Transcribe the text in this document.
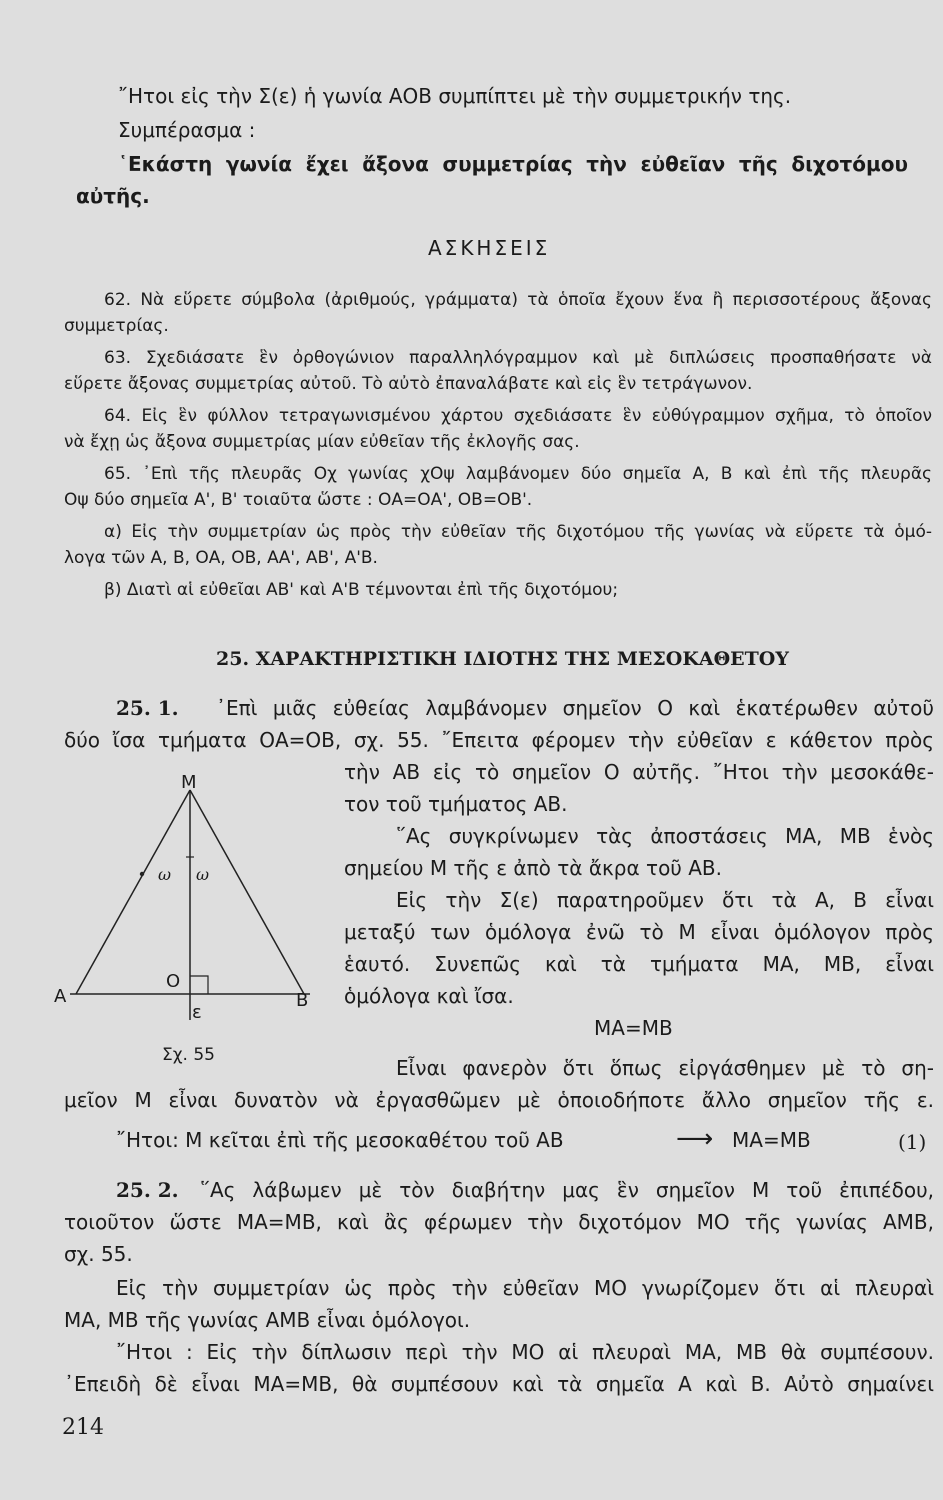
῎Ητοι εἰς τὴν Σ(ε) ἡ γωνία ΑΟΒ συμπίπτει μὲ τὴν συμμετρικήν της.
Συμπέρασμα :
῾Εκάστη γωνία ἔχει ἄξονα συμμετρίας τὴν εὐθεῖαν τῆς διχοτόμου
αὐτῆς.
ΑΣΚΗΣΕΙΣ
62. Νὰ εὕρετε σύμβολα (ἀριθμούς, γράμματα) τὰ ὁποῖα ἔχουν ἕνα ἢ περισσοτέρους ἄξονας
συμμετρίας.
63. Σχεδιάσατε ἓν ὀρθογώνιον παραλληλόγραμμον καὶ μὲ διπλώσεις προσπαθήσατε νὰ
εὕρετε ἄξονας συμμετρίας αὐτοῦ. Τὸ αὐτὸ ἐπαναλάβατε καὶ εἰς ἓν τετράγωνον.
64. Εἰς ἓν φύλλον τετραγωνισμένου χάρτου σχεδιάσατε ἓν εὐθύγραμμον σχῆμα, τὸ ὁποῖον
νὰ ἔχῃ ὡς ἄξονα συμμετρίας μίαν εὐθεῖαν τῆς ἐκλογῆς σας.
65. ᾿Επὶ τῆς πλευρᾶς Οχ γωνίας χΟψ λαμβάνομεν δύο σημεῖα Α, Β καὶ ἐπὶ τῆς πλευρᾶς
Οψ δύο σημεῖα Α', Β' τοιαῦτα ὥστε : ΟΑ=ΟΑ', ΟΒ=ΟΒ'.
α) Εἰς τὴν συμμετρίαν ὡς πρὸς τὴν εὐθεῖαν τῆς διχοτόμου τῆς γωνίας νὰ εὕρετε τὰ ὁμό-
λογα τῶν Α, Β, ΟΑ, ΟΒ, ΑΑ', ΑΒ', Α'Β.
β) Διατὶ αἱ εὐθεῖαι ΑΒ' καὶ Α'Β τέμνονται ἐπὶ τῆς διχοτόμου;
25. ΧΑΡΑΚΤΗΡΙΣΤΙΚΗ ΙΔΙΟΤΗΣ ΤΗΣ ΜΕΣΟΚΑΘΕΤΟΥ
25. 1. ᾿Επὶ μιᾶς εὐθείας λαμβάνομεν σημεῖον Ο καὶ ἑκατέρωθεν αὐτοῦ
δύο ἴσα τμήματα ΟΑ=ΟΒ, σχ. 55. ῎Επειτα φέρομεν τὴν εὐθεῖαν ε κάθετον πρὸς
τὴν ΑΒ εἰς τὸ σημεῖον Ο αὐτῆς. ῎Ητοι τὴν μεσοκάθε-
τον τοῦ τμήματος ΑΒ.
῞Ας συγκρίνωμεν τὰς ἀποστάσεις ΜΑ, ΜΒ ἑνὸς
σημείου Μ τῆς ε ἀπὸ τὰ ἄκρα τοῦ ΑΒ.
Εἰς τὴν Σ(ε) παρατηροῦμεν ὅτι τὰ Α, Β εἶναι
μεταξύ των ὁμόλογα ἐνῶ τὸ Μ εἶναι ὁμόλογον πρὸς
ἑαυτό. Συνεπῶς καὶ τὰ τμήματα ΜΑ, ΜΒ, εἶναι
ὁμόλογα καὶ ἴσα.
ΜΑ=ΜΒ
Εἶναι φανερὸν ὅτι ὅπως εἰργάσθημεν μὲ τὸ ση-
μεῖον Μ εἶναι δυνατὸν νὰ ἐργασθῶμεν μὲ ὁποιοδήποτε ἄλλο σημεῖον τῆς ε.
῎Ητοι: Μ κεῖται ἐπὶ τῆς μεσοκαθέτου τοῦ ΑΒ	⟶ ΜΑ=ΜΒ	(1)
25. 2. ῞Ας λάβωμεν μὲ τὸν διαβήτην μας ἓν σημεῖον Μ τοῦ ἐπιπέδου,
τοιοῦτον ὥστε ΜΑ=ΜΒ, καὶ ἂς φέρωμεν τὴν διχοτόμον ΜΟ τῆς γωνίας ΑΜΒ,
σχ. 55.
Εἰς τὴν συμμετρίαν ὡς πρὸς τὴν εὐθεῖαν ΜΟ γνωρίζομεν ὅτι αἱ πλευραὶ
ΜΑ, ΜΒ τῆς γωνίας ΑΜΒ εἶναι ὁμόλογοι.
῎Ητοι : Εἰς τὴν δίπλωσιν περὶ τὴν ΜΟ αἱ πλευραὶ ΜΑ, ΜΒ θὰ συμπέσουν.
᾿Επειδὴ δὲ εἶναι ΜΑ=ΜΒ, θὰ συμπέσουν καὶ τὰ σημεῖα Α καὶ Β. Αὐτὸ σημαίνει
Μ
ω ω
Ο
Α	Β
ε
Σχ. 55
214
